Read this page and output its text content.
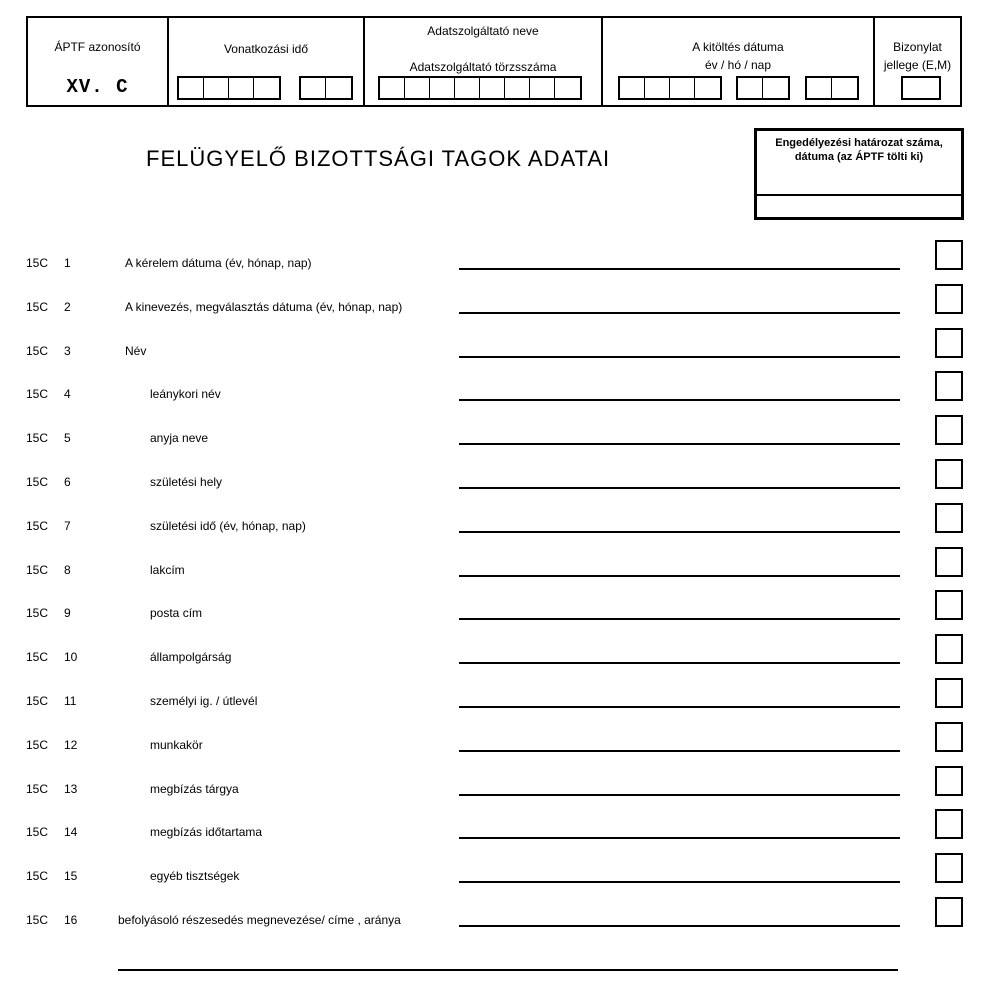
ÁPTF azonosító
XV. C
Vonatkozási idő
Adatszolgáltató neve
Adatszolgáltató törzsszáma
A kitöltés dátuma
év / hó / nap
Bizonylat
jellege (E,M)
FELÜGYELŐ BIZOTTSÁGI TAGOK ADATAI
Engedélyezési határozat száma,
dátuma (az ÁPTF tölti ki)
15C 1	A kérelem dátuma (év, hónap, nap)
15C 2	A kinevezés, megválasztás dátuma (év, hónap, nap)
15C 3	Név
15C 4	leánykori név
15C 5	anyja neve
15C 6	születési hely
15C 7	születési idő (év, hónap, nap)
15C 8	lakcím
15C 9	posta cím
15C 10	állampolgárság
15C 11	személyi ig. / útlevél
15C 12	munkakör
15C 13	megbízás tárgya
15C 14	megbízás időtartama
15C 15	egyéb tisztségek
15C 16	befolyásoló részesedés megnevezése/ címe , aránya
